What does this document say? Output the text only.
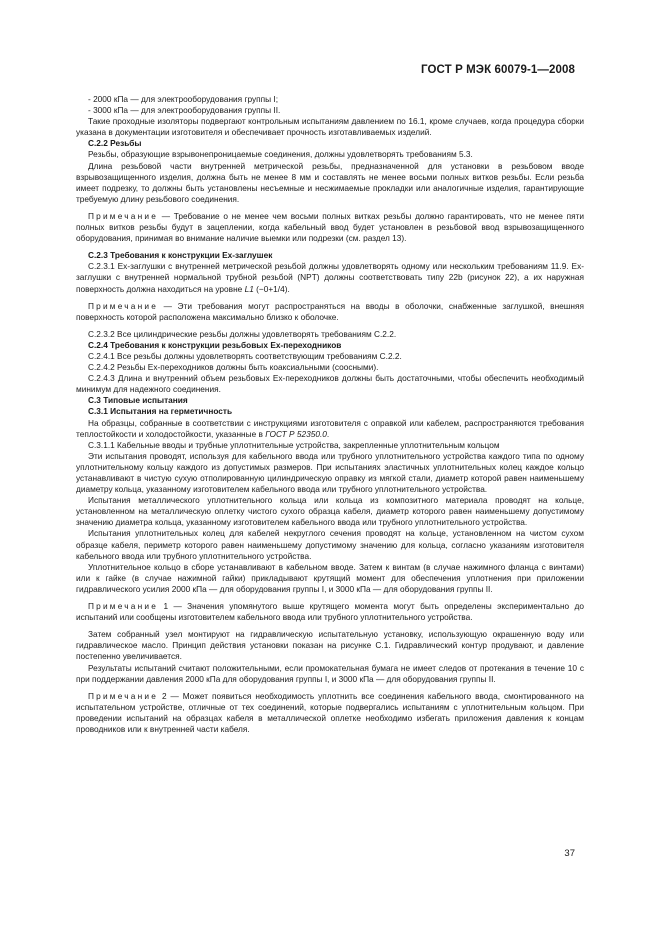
ГОСТ Р МЭК 60079-1—2008

- 2000 кПа — для электрооборудования группы I;

- 3000 кПа — для электрооборудования группы II.

Такие проходные изоляторы подвергают контрольным испытаниям давлением по 16.1, кроме случаев, когда процедура сборки указана в документации изготовителя и обеспечивает прочность изготавливаемых изделий.

С.2.2 Резьбы

Резьбы, образующие взрывонепроницаемые соединения, должны удовлетворять требованиям 5.3.

Длина резьбовой части внутренней метрической резьбы, предназначенной для установки в резьбовом вводе взрывозащищенного изделия, должна быть не менее 8 мм и составлять не менее восьми полных витков резьбы. Если резьба имеет подрезку, то должны быть установлены несъемные и несжимаемые прокладки или аналогичные изделия, гарантирующие требуемую длину резьбового соединения.

Примечание — Требование о не менее чем восьми полных витках резьбы должно гарантировать, что не менее пяти полных витков резьбы будут в зацеплении, когда кабельный ввод будет установлен в резьбовой ввод взрывозащищенного оборудования, принимая во внимание наличие выемки или подрезки (см. раздел 13).

С.2.3 Требования к конструкции Ех-заглушек

С.2.3.1 Ех-заглушки с внутренней метрической резьбой должны удовлетворять одному или нескольким требованиям 11.9. Ех-заглушки с внутренней нормальной трубной резьбой (NPT) должны соответствовать типу 22b (рисунок 22), а их наружная поверхность должна находиться на уровне L1 (−0+1/4).

Примечание — Эти требования могут распространяться на вводы в оболочки, снабженные заглушкой, внешняя поверхность которой расположена максимально близко к оболочке.

С.2.3.2 Все цилиндрические резьбы должны удовлетворять требованиям С.2.2.

С.2.4 Требования к конструкции резьбовых Ех-переходников

С.2.4.1 Все резьбы должны удовлетворять соответствующим требованиям С.2.2.

С.2.4.2 Резьбы Ех-переходников должны быть коаксиальными (соосными).

С.2.4.3 Длина и внутренний объем резьбовых Ех-переходников должны быть достаточными, чтобы обеспечить необходимый минимум для надежного соединения.

С.3 Типовые испытания

С.3.1 Испытания на герметичность

На образцы, собранные в соответствии с инструкциями изготовителя с оправкой или кабелем, распространяются требования теплостойкости и холодостойкости, указанные в ГОСТ Р 52350.0.

С.3.1.1 Кабельные вводы и трубные уплотнительные устройства, закрепленные уплотнительным кольцом

Эти испытания проводят, используя для кабельного ввода или трубного уплотнительного устройства каждого типа по одному уплотнительному кольцу каждого из допустимых размеров. При испытаниях эластичных уплотнительных колец каждое кольцо устанавливают в чистую сухую отполированную цилиндрическую оправку из мягкой стали, диаметр которой равен наименьшему диаметру кольца, указанному изготовителем кабельного ввода или трубного уплотнительного устройства.

Испытания металлического уплотнительного кольца или кольца из композитного материала проводят на кольце, установленном на металлическую оплетку чистого сухого образца кабеля, диаметр которого равен наименьшему допустимому значению диаметра кольца, указанному изготовителем кабельного ввода или трубного уплотнительного устройства.

Испытания уплотнительных колец для кабелей некруглого сечения проводят на кольце, установленном на чистом сухом образце кабеля, периметр которого равен наименьшему допустимому значению для кольца, согласно указаниям изготовителя кабельного ввода или трубного уплотнительного устройства.

Уплотнительное кольцо в сборе устанавливают в кабельном вводе. Затем к винтам (в случае нажимного фланца с винтами) или к гайке (в случае нажимной гайки) прикладывают крутящий момент для обеспечения уплотнения при приложении гидравлического усилия 2000 кПа — для оборудования группы I, и 3000 кПа — для оборудования группы II.

Примечание 1 — Значения упомянутого выше крутящего момента могут быть определены экспериментально до испытаний или сообщены изготовителем кабельного ввода или трубного уплотнительного устройства.

Затем собранный узел монтируют на гидравлическую испытательную установку, использующую окрашенную воду или гидравлическое масло. Принцип действия установки показан на рисунке С.1. Гидравлический контур продувают, и давление постепенно увеличивается.

Результаты испытаний считают положительными, если промокательная бумага не имеет следов от протекания в течение 10 с при поддержании давления 2000 кПа для оборудования группы I, и 3000 кПа — для оборудования группы II.

Примечание 2 — Может появиться необходимость уплотнить все соединения кабельного ввода, смонтированного на испытательном устройстве, отличные от тех соединений, которые подвергались испытаниям с уплотнительным кольцом. При проведении испытаний на образцах кабеля в металлической оплетке необходимо избегать приложения давления к концам проводников или к внутренней части кабеля.

37
